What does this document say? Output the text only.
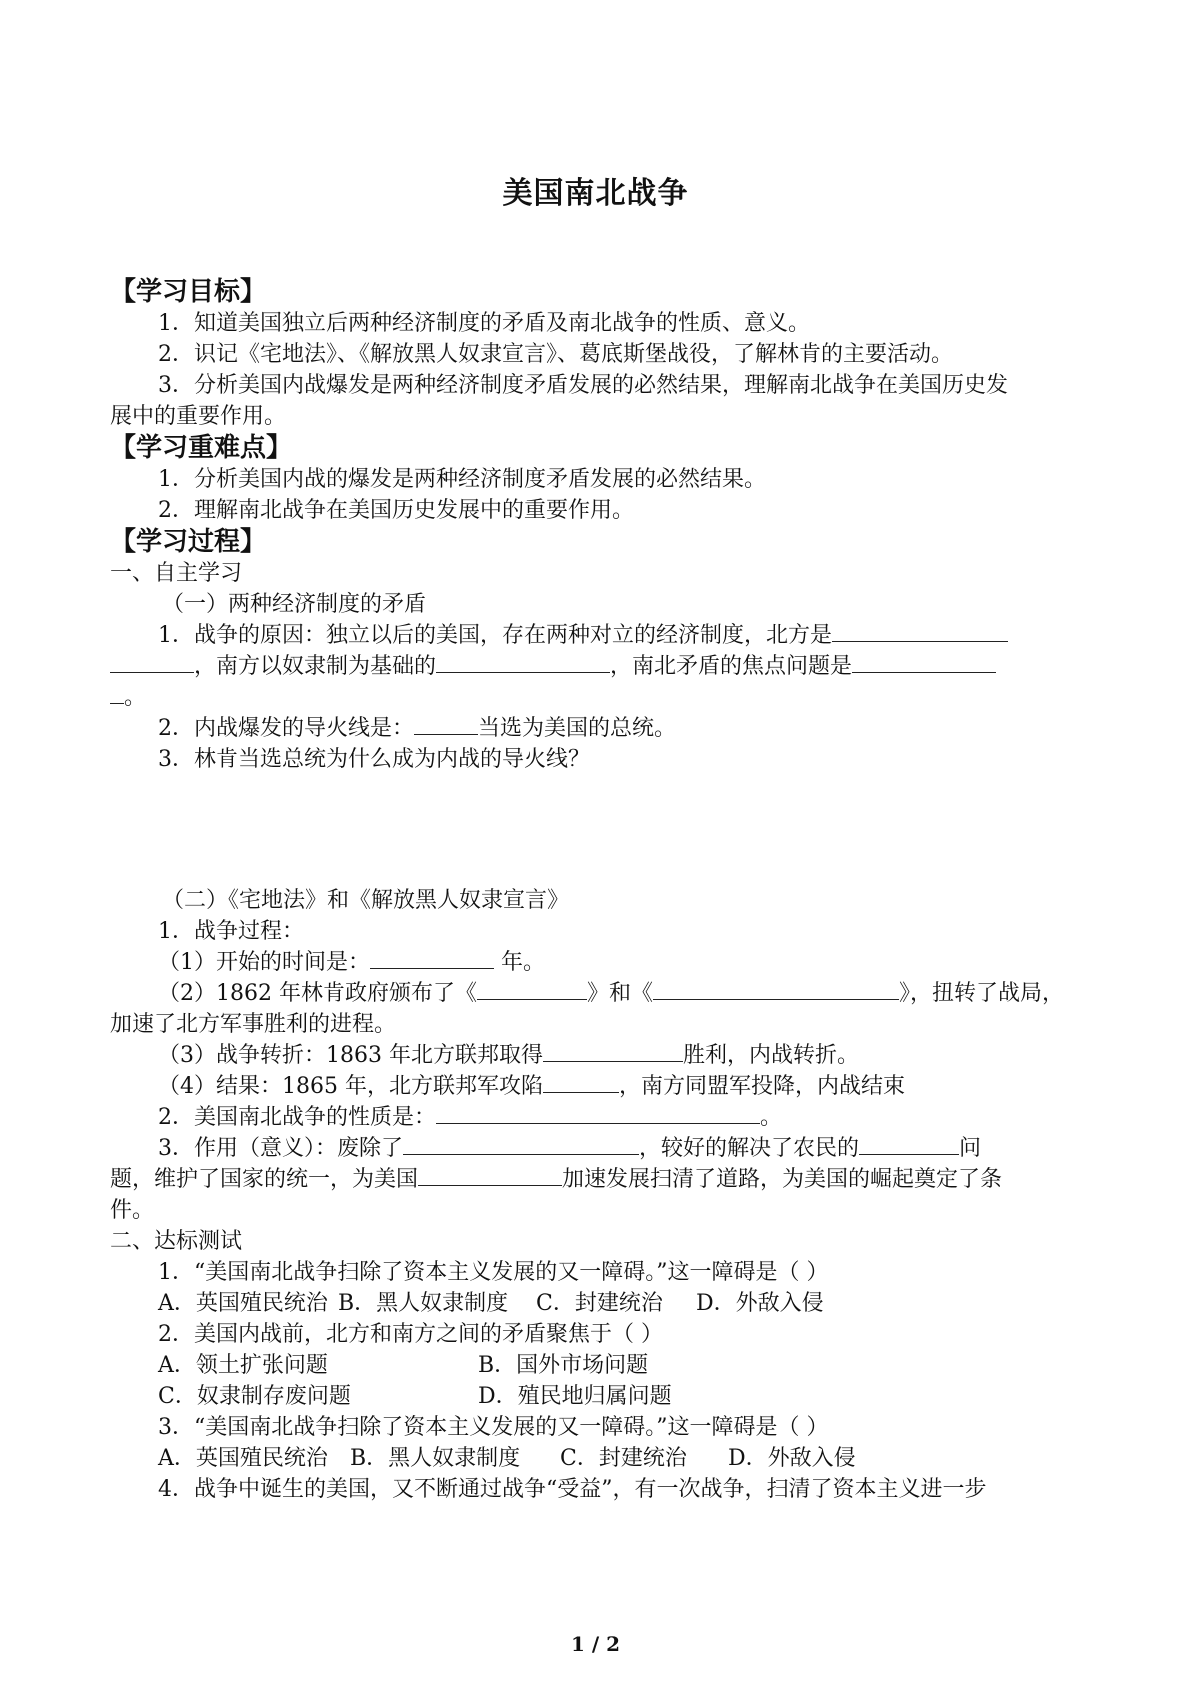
美国南北战争
【学习目标】
1．知道美国独立后两种经济制度的矛盾及南北战争的性质、意义。
2．识记《宅地法》、《解放黑人奴隶宣言》、葛底斯堡战役，了解林肯的主要活动。
3．分析美国内战爆发是两种经济制度矛盾发展的必然结果，理解南北战争在美国历史发
展中的重要作用。
【学习重难点】
1．分析美国内战的爆发是两种经济制度矛盾发展的必然结果。
2．理解南北战争在美国历史发展中的重要作用。
【学习过程】
一、自主学习
（一）两种经济制度的矛盾
1．战争的原因：独立以后的美国，存在两种对立的经济制度，北方是
，南方以奴隶制为基础的	，南北矛盾的焦点问题是
。
2．内战爆发的导火线是：	当选为美国的总统。
3．林肯当选总统为什么成为内战的导火线？
（二）《宅地法》和《解放黑人奴隶宣言》
1．战争过程：
（1）开始的时间是：	年。
（2）1862 年林肯政府颁布了《	》和《	》，扭转了战局，
加速了北方军事胜利的进程。
（3）战争转折：1863 年北方联邦取得	胜利，内战转折。
（4）结果：1865 年，北方联邦军攻陷	，南方同盟军投降，内战结束
2．美国南北战争的性质是：	。
3．作用（意义）：废除了	，较好的解决了农民的	问
题，维护了国家的统一，为美国	加速发展扫清了道路，为美国的崛起奠定了条
件。
二、达标测试
1．“美国南北战争扫除了资本主义发展的又一障碍。”这一障碍是（ ）
A．英国殖民统治 B．黑人奴隶制度 C．封建统治 D．外敌入侵
2．美国内战前，北方和南方之间的矛盾聚焦于（ ）
A．领土扩张问题	B．国外市场问题
C．奴隶制存废问题	D．殖民地归属问题
3．“美国南北战争扫除了资本主义发展的又一障碍。”这一障碍是（ ）
A．英国殖民统治 B．黑人奴隶制度 C．封建统治 D．外敌入侵
4．战争中诞生的美国，又不断通过战争“受益”，有一次战争，扫清了资本主义进一步
1 / 2
